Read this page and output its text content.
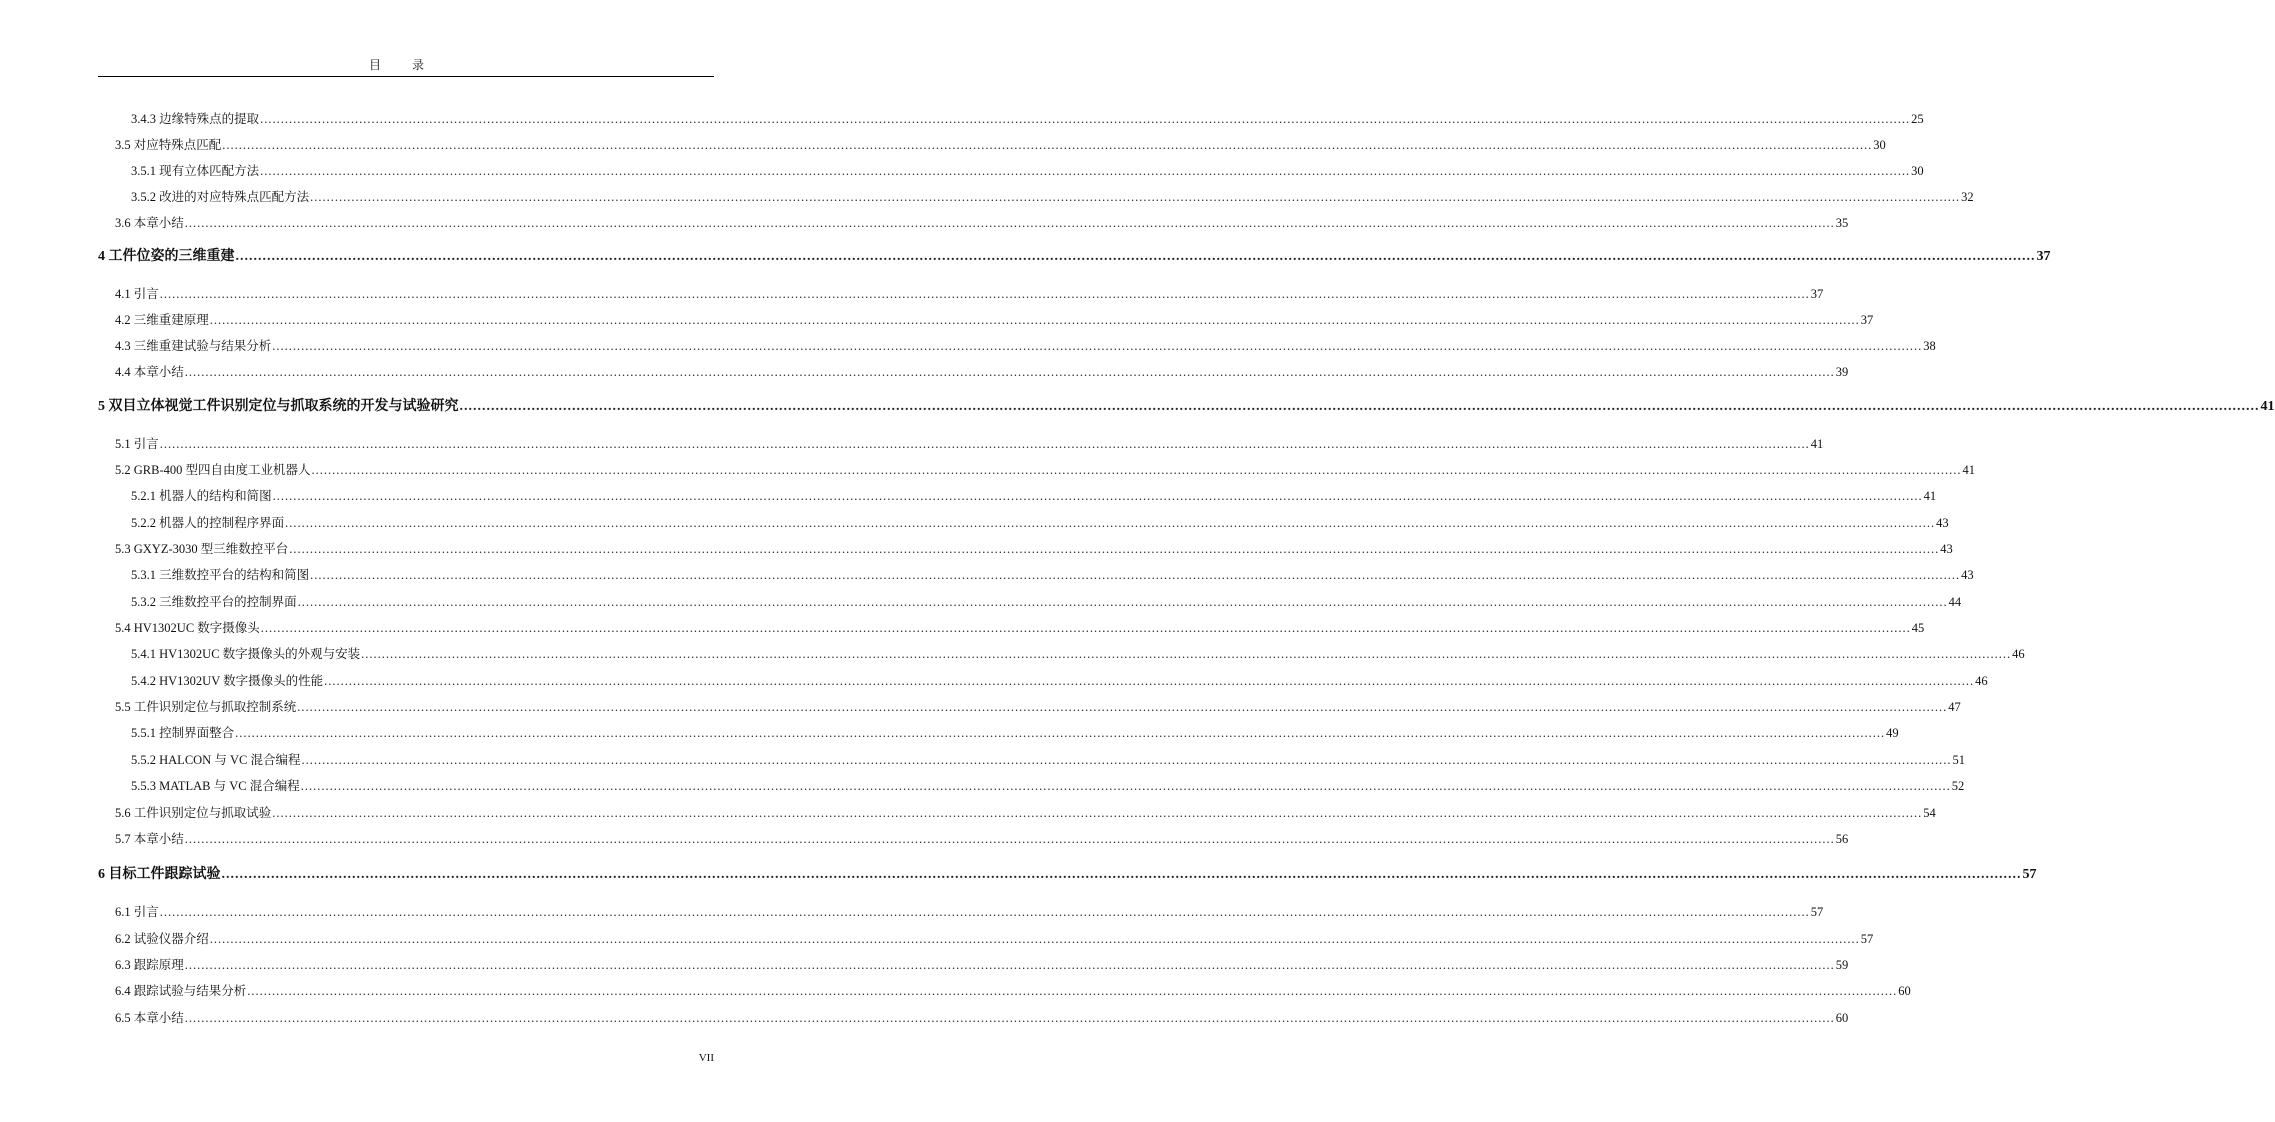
目 录
3.4.3 边缘特殊点的提取 ................................................................................................................................................................................................................................................................................................................................................................................................................ 25
3.5 对应特殊点匹配 ................................................................................................................................................................................................................................................................................................................................................................................................................ 30
3.5.1 现有立体匹配方法 ................................................................................................................................................................................................................................................................................................................................................................................................................ 30
3.5.2 改进的对应特殊点匹配方法 ................................................................................................................................................................................................................................................................................................................................................................................................................ 32
3.6 本章小结 ................................................................................................................................................................................................................................................................................................................................................................................................................ 35
4 工件位姿的三维重建 ................................................................................................................................................................................................................................................................................................................................................................................................................ 37
4.1 引言 ................................................................................................................................................................................................................................................................................................................................................................................................................ 37
4.2 三维重建原理 ................................................................................................................................................................................................................................................................................................................................................................................................................ 37
4.3 三维重建试验与结果分析 ................................................................................................................................................................................................................................................................................................................................................................................................................ 38
4.4 本章小结 ................................................................................................................................................................................................................................................................................................................................................................................................................ 39
5 双目立体视觉工件识别定位与抓取系统的开发与试验研究 ................................................................................................................................................................................................................................................................................................................................................................................................................ 41
5.1 引言 ................................................................................................................................................................................................................................................................................................................................................................................................................ 41
5.2 GRB-400 型四自由度工业机器人 ................................................................................................................................................................................................................................................................................................................................................................................................................ 41
5.2.1 机器人的结构和简图 ................................................................................................................................................................................................................................................................................................................................................................................................................ 41
5.2.2 机器人的控制程序界面 ................................................................................................................................................................................................................................................................................................................................................................................................................ 43
5.3 GXYZ-3030 型三维数控平台 ................................................................................................................................................................................................................................................................................................................................................................................................................ 43
5.3.1 三维数控平台的结构和简图 ................................................................................................................................................................................................................................................................................................................................................................................................................ 43
5.3.2 三维数控平台的控制界面 ................................................................................................................................................................................................................................................................................................................................................................................................................ 44
5.4 HV1302UC 数字摄像头 ................................................................................................................................................................................................................................................................................................................................................................................................................ 45
5.4.1 HV1302UC 数字摄像头的外观与安装 ................................................................................................................................................................................................................................................................................................................................................................................................................ 46
5.4.2 HV1302UV 数字摄像头的性能 ................................................................................................................................................................................................................................................................................................................................................................................................................ 46
5.5 工件识别定位与抓取控制系统 ................................................................................................................................................................................................................................................................................................................................................................................................................ 47
5.5.1 控制界面整合 ................................................................................................................................................................................................................................................................................................................................................................................................................ 49
5.5.2 HALCON 与 VC 混合编程 ................................................................................................................................................................................................................................................................................................................................................................................................................ 51
5.5.3 MATLAB 与 VC 混合编程 ................................................................................................................................................................................................................................................................................................................................................................................................................ 52
5.6 工件识别定位与抓取试验 ................................................................................................................................................................................................................................................................................................................................................................................................................ 54
5.7 本章小结 ................................................................................................................................................................................................................................................................................................................................................................................................................ 56
6 目标工件跟踪试验 ................................................................................................................................................................................................................................................................................................................................................................................................................ 57
6.1 引言 ................................................................................................................................................................................................................................................................................................................................................................................................................ 57
6.2 试验仪器介绍 ................................................................................................................................................................................................................................................................................................................................................................................................................ 57
6.3 跟踪原理 ................................................................................................................................................................................................................................................................................................................................................................................................................ 59
6.4 跟踪试验与结果分析 ................................................................................................................................................................................................................................................................................................................................................................................................................ 60
6.5 本章小结 ................................................................................................................................................................................................................................................................................................................................................................................................................ 60
VII
